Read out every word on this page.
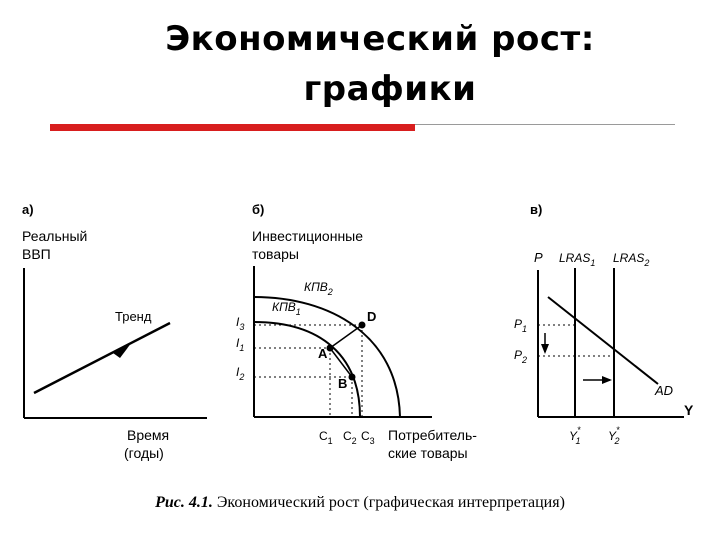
Экономический рост:
графики
а)
Реальный
ВВП
Тренд
Время
(годы)
б)
Инвестиционные
товары
D
A
B
$КПВ_2$
$КПВ_1$
$I_3$
$I_1$
$I_2$
$C_1$ $C_2$ $C_3$ Потребитель-
ские товары
в)
P $LRAS_1$ $LRAS_2$
$P_1$
$P_2$
AD
Y
Y* 1 Y* 2
Рис. 4.1. Экономический рост (графическая интерпретация)
